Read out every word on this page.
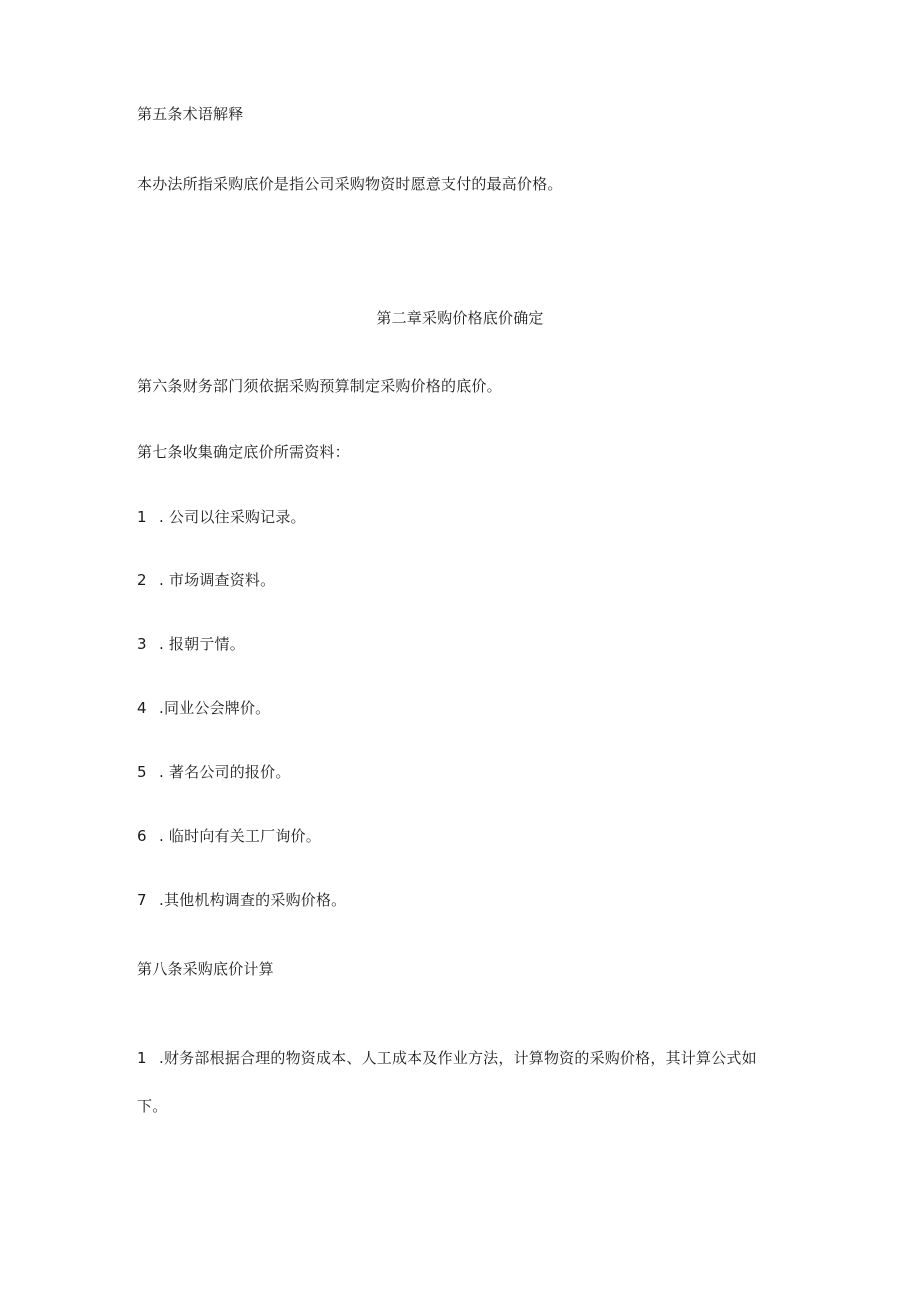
第五条术语解释
本办法所指采购底价是指公司采购物资时愿意支付的最高价格。
第二章采购价格底价确定
第六条财务部门须依据采购预算制定采购价格的底价。
第七条收集确定底价所需资料：
1 . 公司以往采购记录。
2 . 市场调查资料。
3 . 报朝亍情。
4 .同业公会牌价。
5 . 著名公司的报价。
6 . 临时向有关工厂询价。
7 .其他机构调查的采购价格。
第八条采购底价计算
1 .财务部根据合理的物资成本、人工成本及作业方法，计算物资的采购价格，其计算公式如
下。
